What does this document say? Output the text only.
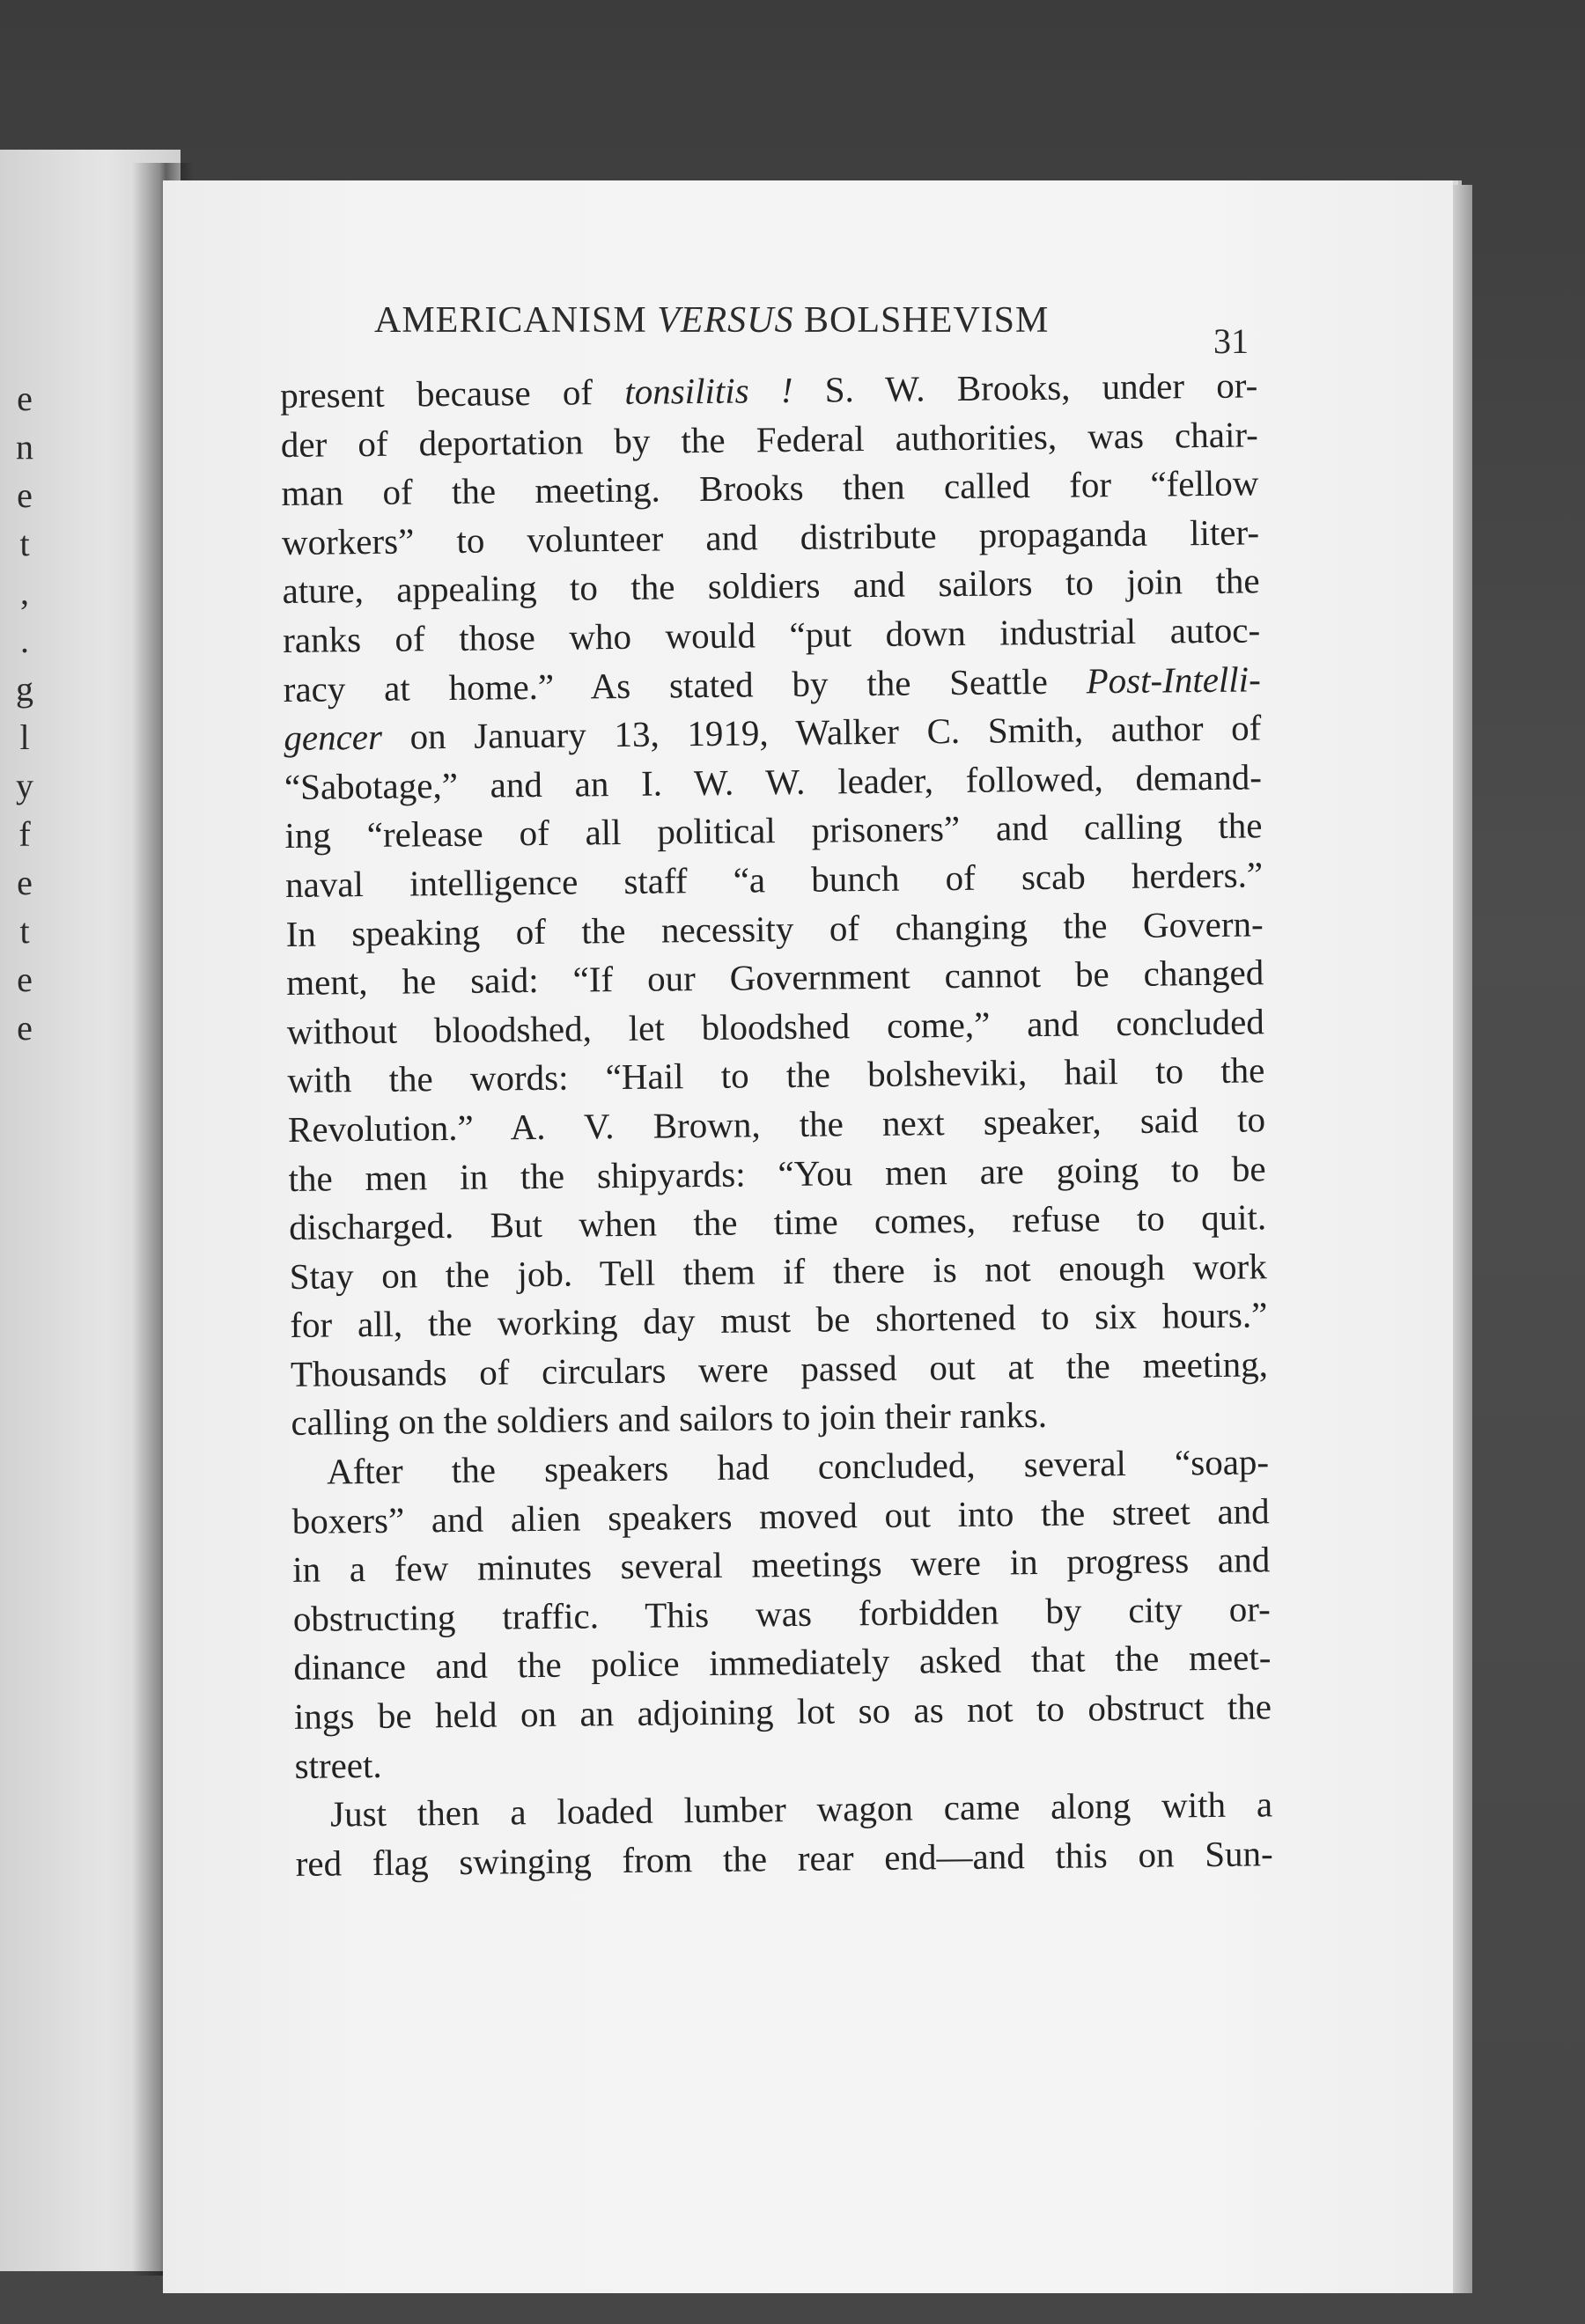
e
n
e
t
,
.
g
l
y
f
e
t
e
e
AMERICANISM VERSUS BOLSHEVISM
31
present because of tonsilitis ! S. W. Brooks, under or-
der of deportation by the Federal authorities, was chair-
man of the meeting. Brooks then called for “fellow
workers” to volunteer and distribute propaganda liter-
ature, appealing to the soldiers and sailors to join the
ranks of those who would “put down industrial autoc-
racy at home.” As stated by the Seattle Post-Intelli-
gencer on January 13, 1919, Walker C. Smith, author of
“Sabotage,” and an I. W. W. leader, followed, demand-
ing “release of all political prisoners” and calling the
naval intelligence staff “a bunch of scab herders.”
In speaking of the necessity of changing the Govern-
ment, he said: “If our Government cannot be changed
without bloodshed, let bloodshed come,” and concluded
with the words: “Hail to the bolsheviki, hail to the
Revolution.” A. V. Brown, the next speaker, said to
the men in the shipyards: “You men are going to be
discharged. But when the time comes, refuse to quit.
Stay on the job. Tell them if there is not enough work
for all, the working day must be shortened to six hours.”
Thousands of circulars were passed out at the meeting,
calling on the soldiers and sailors to join their ranks.
After the speakers had concluded, several “soap-
boxers” and alien speakers moved out into the street and
in a few minutes several meetings were in progress and
obstructing traffic. This was forbidden by city or-
dinance and the police immediately asked that the meet-
ings be held on an adjoining lot so as not to obstruct the
street.
Just then a loaded lumber wagon came along with a
red flag swinging from the rear end—and this on Sun-
